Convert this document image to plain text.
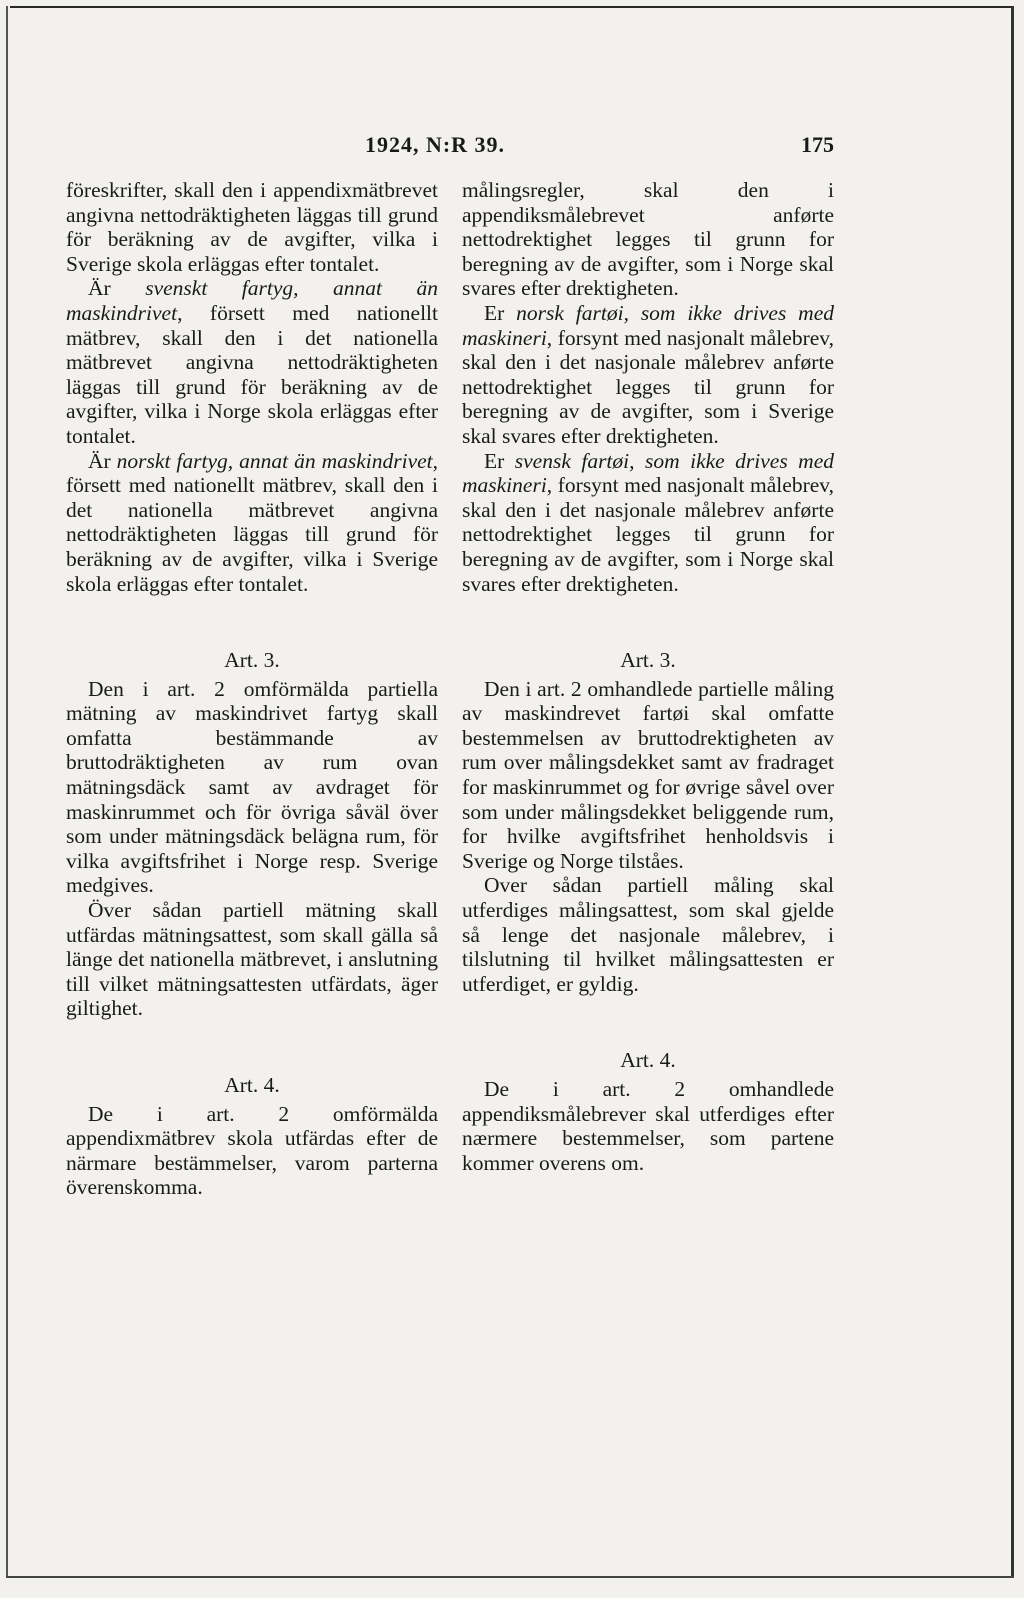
1924, N:R 39.	175

föreskrifter, skall den i appendixmätbrevet angivna nettodräktigheten läggas till grund för beräkning av de avgifter, vilka i Sverige skola erläggas efter tontalet.

Är svenskt fartyg, annat än maskindrivet, försett med nationellt mätbrev, skall den i det nationella mätbrevet angivna nettodräktigheten läggas till grund för beräkning av de avgifter, vilka i Norge skola erläggas efter tontalet.

Är norskt fartyg, annat än maskindrivet, försett med nationellt mätbrev, skall den i det nationella mätbrevet angivna nettodräktigheten läggas till grund för beräkning av de avgifter, vilka i Sverige skola erläggas efter tontalet.

Art. 3.

Den i art. 2 omförmälda partiella mätning av maskindrivet fartyg skall omfatta bestämmande av bruttodräktigheten av rum ovan mätningsdäck samt av avdraget för maskinrummet och för övriga såväl över som under mätningsdäck belägna rum, för vilka avgiftsfrihet i Norge resp. Sverige medgives.

Över sådan partiell mätning skall utfärdas mätningsattest, som skall gälla så länge det nationella mätbrevet, i anslutning till vilket mätningsattesten utfärdats, äger giltighet.

Art. 4.

De i art. 2 omförmälda appendixmätbrev skola utfärdas efter de närmare bestämmelser, varom parterna överenskomma.

målingsregler, skal den i appendiksmålebrevet anførte nettodrektighet legges til grunn for beregning av de avgifter, som i Norge skal svares efter drektigheten.

Er norsk fartøi, som ikke drives med maskineri, forsynt med nasjonalt målebrev, skal den i det nasjonale målebrev anførte nettodrektighet legges til grunn for beregning av de avgifter, som i Sverige skal svares efter drektigheten.

Er svensk fartøi, som ikke drives med maskineri, forsynt med nasjonalt målebrev, skal den i det nasjonale målebrev anførte nettodrektighet legges til grunn for beregning av de avgifter, som i Norge skal svares efter drektigheten.

Art. 3.

Den i art. 2 omhandlede partielle måling av maskindrevet fartøi skal omfatte bestemmelsen av bruttodrektigheten av rum over målingsdekket samt av fradraget for maskinrummet og for øvrige såvel over som under målingsdekket beliggende rum, for hvilke avgiftsfrihet henholdsvis i Sverige og Norge tilståes.

Over sådan partiell måling skal utferdiges målingsattest, som skal gjelde så lenge det nasjonale målebrev, i tilslutning til hvilket målingsattesten er utferdiget, er gyldig.

Art. 4.

De i art. 2 omhandlede appendiksmålebrever skal utferdiges efter nærmere bestemmelser, som partene kommer overens om.
